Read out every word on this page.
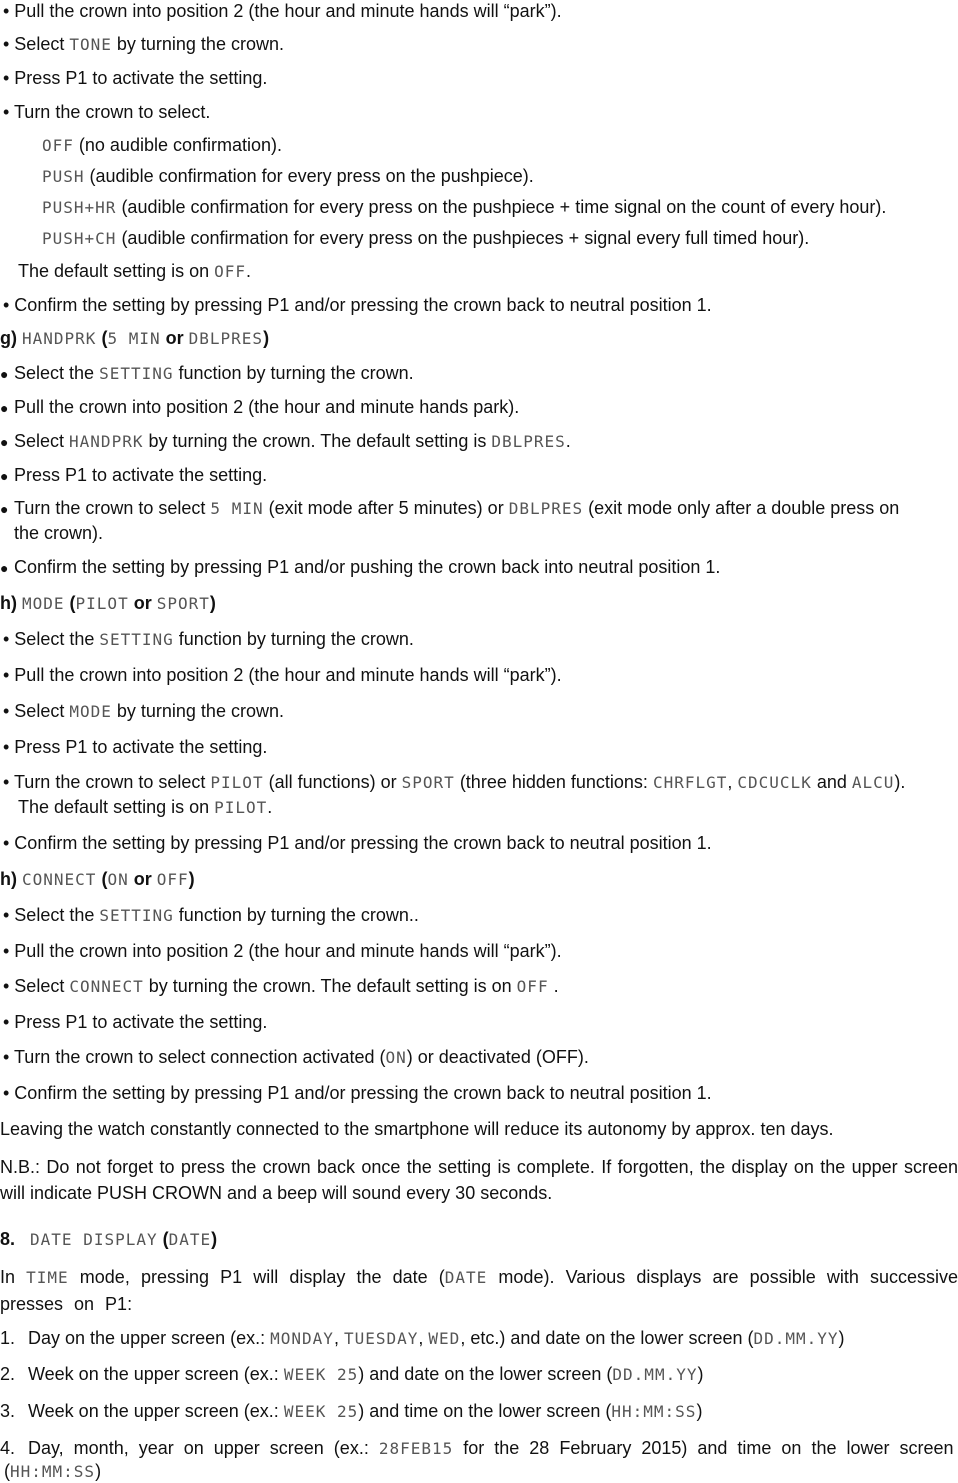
• Pull the crown into position 2 (the hour and minute hands will “park”).
• Select TONE by turning the crown.
• Press P1 to activate the setting.
• Turn the crown to select.
OFF (no audible confirmation).
PUSH (audible confirmation for every press on the pushpiece).
PUSH+HR (audible confirmation for every press on the pushpiece + time signal on the count of every hour).
PUSH+CH (audible confirmation for every press on the pushpieces + signal every full timed hour).
The default setting is on OFF.
• Confirm the setting by pressing P1 and/or pressing the crown back to neutral position 1.
g) HANDPRK (5 MIN or DBLPRES)
● Select the SETTING function by turning the crown.
● Pull the crown into position 2 (the hour and minute hands park).
● Select HANDPRK by turning the crown. The default setting is DBLPRES.
● Press P1 to activate the setting.
● Turn the crown to select 5 MIN (exit mode after 5 minutes) or DBLPRES (exit mode only after a double press on
the crown).
● Confirm the setting by pressing P1 and/or pushing the crown back into neutral position 1.
h) MODE (PILOT or SPORT)
• Select the SETTING function by turning the crown.
• Pull the crown into position 2 (the hour and minute hands will “park”).
• Select MODE by turning the crown.
• Press P1 to activate the setting.
• Turn the crown to select PILOT (all functions) or SPORT (three hidden functions: CHRFLGT, CDCUCLK and ALCU).
The default setting is on PILOT.
• Confirm the setting by pressing P1 and/or pressing the crown back to neutral position 1.
h) CONNECT (ON or OFF)
• Select the SETTING function by turning the crown..
• Pull the crown into position 2 (the hour and minute hands will “park”).
• Select CONNECT by turning the crown. The default setting is on OFF .
• Press P1 to activate the setting.
• Turn the crown to select connection activated (ON) or deactivated (OFF).
• Confirm the setting by pressing P1 and/or pressing the crown back to neutral position 1.
Leaving the watch constantly connected to the smartphone will reduce its autonomy by approx. ten days.
N.B.: Do not forget to press the crown back once the setting is complete. If forgotten, the display on the upper screen will indicate PUSH CROWN and a beep will sound every 30 seconds.
8. DATE DISPLAY (DATE)
In TIME mode, pressing P1 will display the date (DATE mode). Various displays are possible with successive presses on P1:
1. Day on the upper screen (ex.: MONDAY, TUESDAY, WED, etc.) and date on the lower screen (DD.MM.YY)
2. Week on the upper screen (ex.: WEEK 25) and date on the lower screen (DD.MM.YY)
3. Week on the upper screen (ex.: WEEK 25) and time on the lower screen (HH:MM:SS)
4. Day, month, year on upper screen (ex.: 28FEB15 for the 28 February 2015) and time on the lower screen
(HH:MM:SS)
